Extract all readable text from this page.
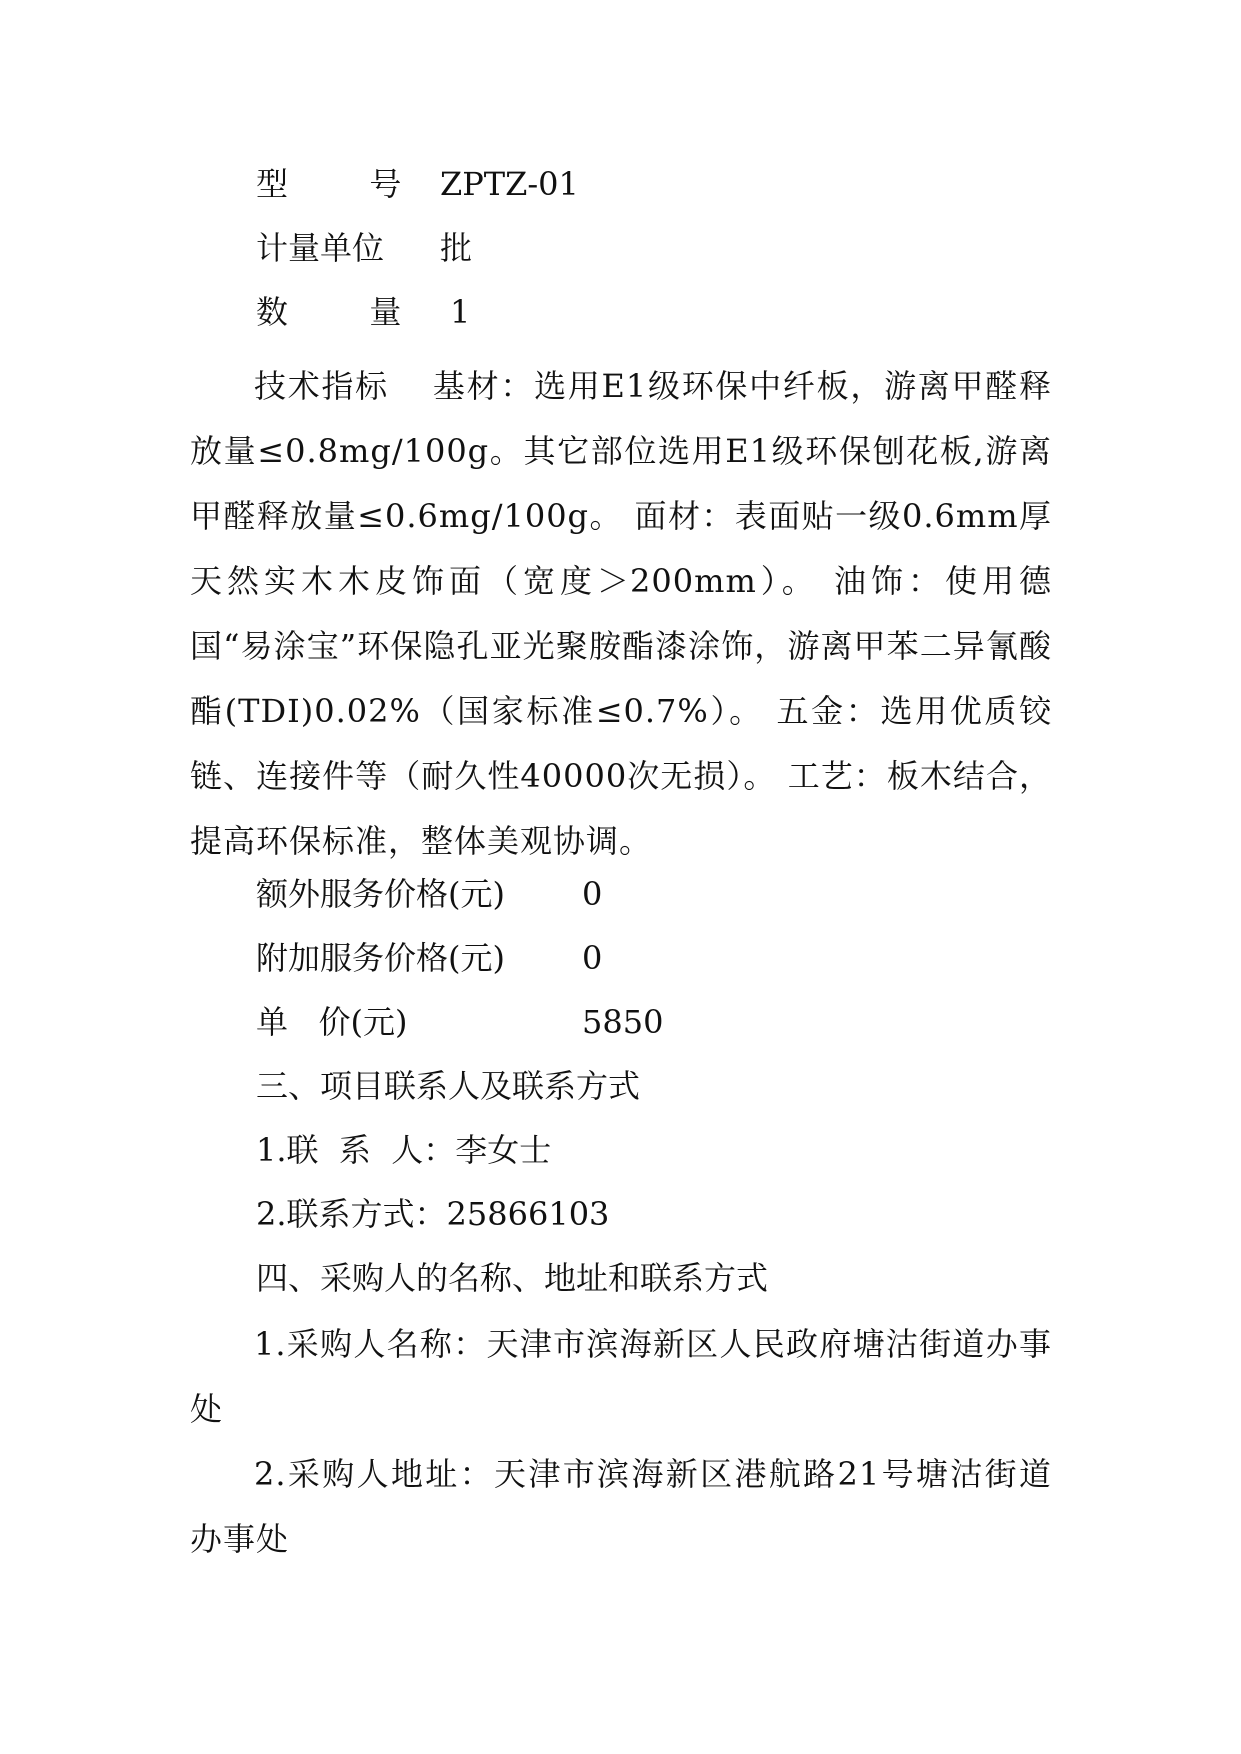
型        号 ZPTZ-01
计量单位 批
数        量 1
技术指标 基材：选用E1级环保中纤板，游离甲醛释放量≤0.8mg/100g。其它部位选用E1级环保刨花板,游离甲醛释放量≤0.6mg/100g。 面材：表面贴一级0.6mm厚天然实木木皮饰面（宽度＞200mm）。 油饰：使用德国“易涂宝”环保隐孔亚光聚胺酯漆涂饰，游离甲苯二异氰酸酯(TDI)0.02%（国家标准≤0.7%）。 五金：选用优质铰链、连接件等（耐久性40000次无损）。 工艺：板木结合，提高环保标准，整体美观协调。
额外服务价格(元) 0
附加服务价格(元) 0
单   价(元)	5850
三、项目联系人及联系方式
1.联  系  人：李女士
2.联系方式：25866103
四、采购人的名称、地址和联系方式
1.采购人名称：天津市滨海新区人民政府塘沽街道办事处
2.采购人地址：天津市滨海新区港航路21号塘沽街道办事处
